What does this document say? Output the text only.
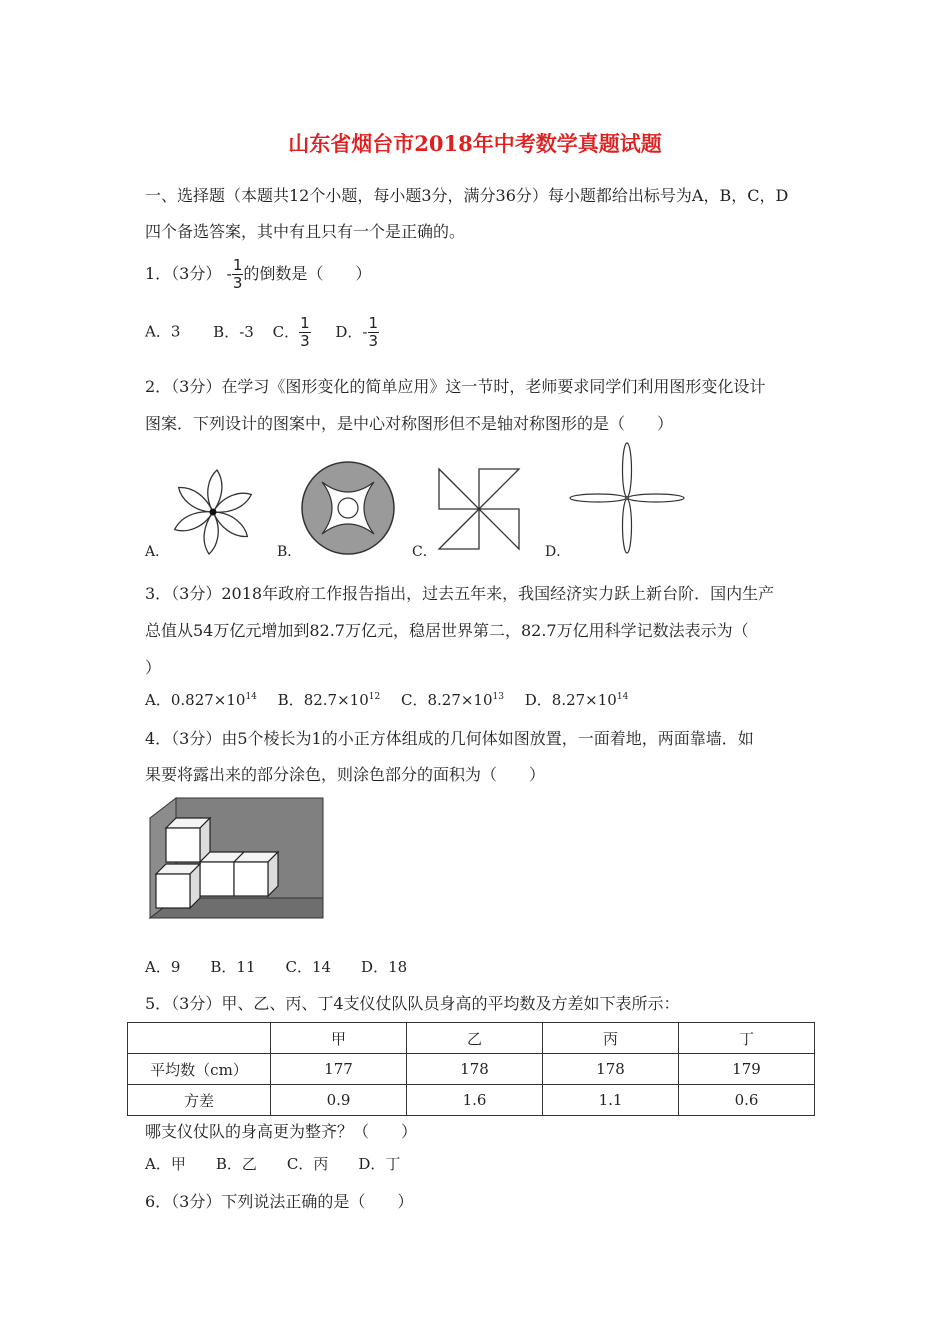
山东省烟台市2018年中考数学真题试题
一、选择题（本题共12个小题，每小题3分，满分36分）每小题都给出标号为A，B，C，D
四个备选答案，其中有且只有一个是正确的。
1．（3分） - $\frac{1}{3}$ 的倒数是（　　）
A．3 B．-3 C． $\frac{1}{3}$ D．- $\frac{1}{3}$
2．（3分）在学习《图形变化的简单应用》这一节时，老师要求同学们利用图形变化设计
图案．下列设计的图案中，是中心对称图形但不是轴对称图形的是（　　）
A．	B．	C．	D．
3．（3分）2018年政府工作报告指出，过去五年来，我国经济实力跃上新台阶．国内生产
总值从54万亿元增加到82.7万亿元，稳居世界第二，82.7万亿用科学记数法表示为（
）
A．$0.827\times 10^{14}$ B．$82.7\times 10^{12}$ C．$8.27\times 10^{13}$ D．$8.27\times 10^{14}$
4．（3分）由5个棱长为1的小正方体组成的几何体如图放置，一面着地，两面靠墙．如
果要将露出来的部分涂色，则涂色部分的面积为（　　）
A．9　　B．11　　C．14　　D．18
5．（3分）甲、乙、丙、丁4支仪仗队队员身高的平均数及方差如下表所示：
	甲	乙	丙	丁
平均数（cm）	177	178	178	179
方差	0.9	1.6	1.1	0.6
哪支仪仗队的身高更为整齐？（　　）
A．甲　　B．乙　　C．丙　　D．丁
6．（3分）下列说法正确的是（　　）
